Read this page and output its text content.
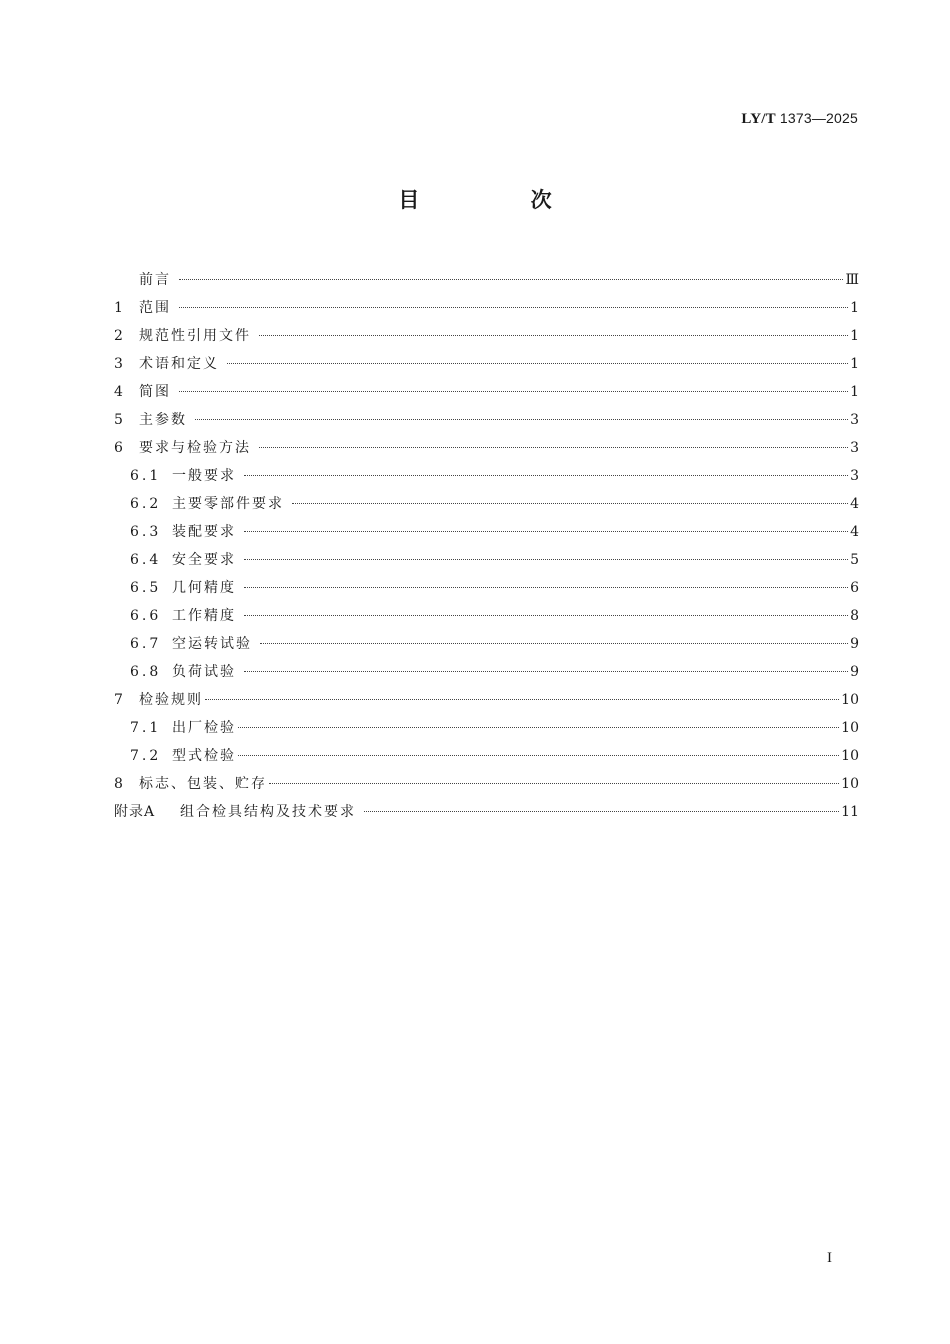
LY/T 1373—2025
目 次
前言	Ⅲ
1	范围	1
2	规范性引用文件	1
3	术语和定义	1
4	简图	1
5	主参数	3
6	要求与检验方法	3
6.1 一般要求	3
6.2 主要零部件要求	4
6.3 装配要求	4
6.4 安全要求	5
6.5 几何精度	6
6.6 工作精度	8
6.7 空运转试验	9
6.8 负荷试验	9
7	检验规则	10
7.1 出厂检验	10
7.2 型式检验	10
8	标志、包装、贮存	10
附录A	组合检具结构及技术要求	11
I
